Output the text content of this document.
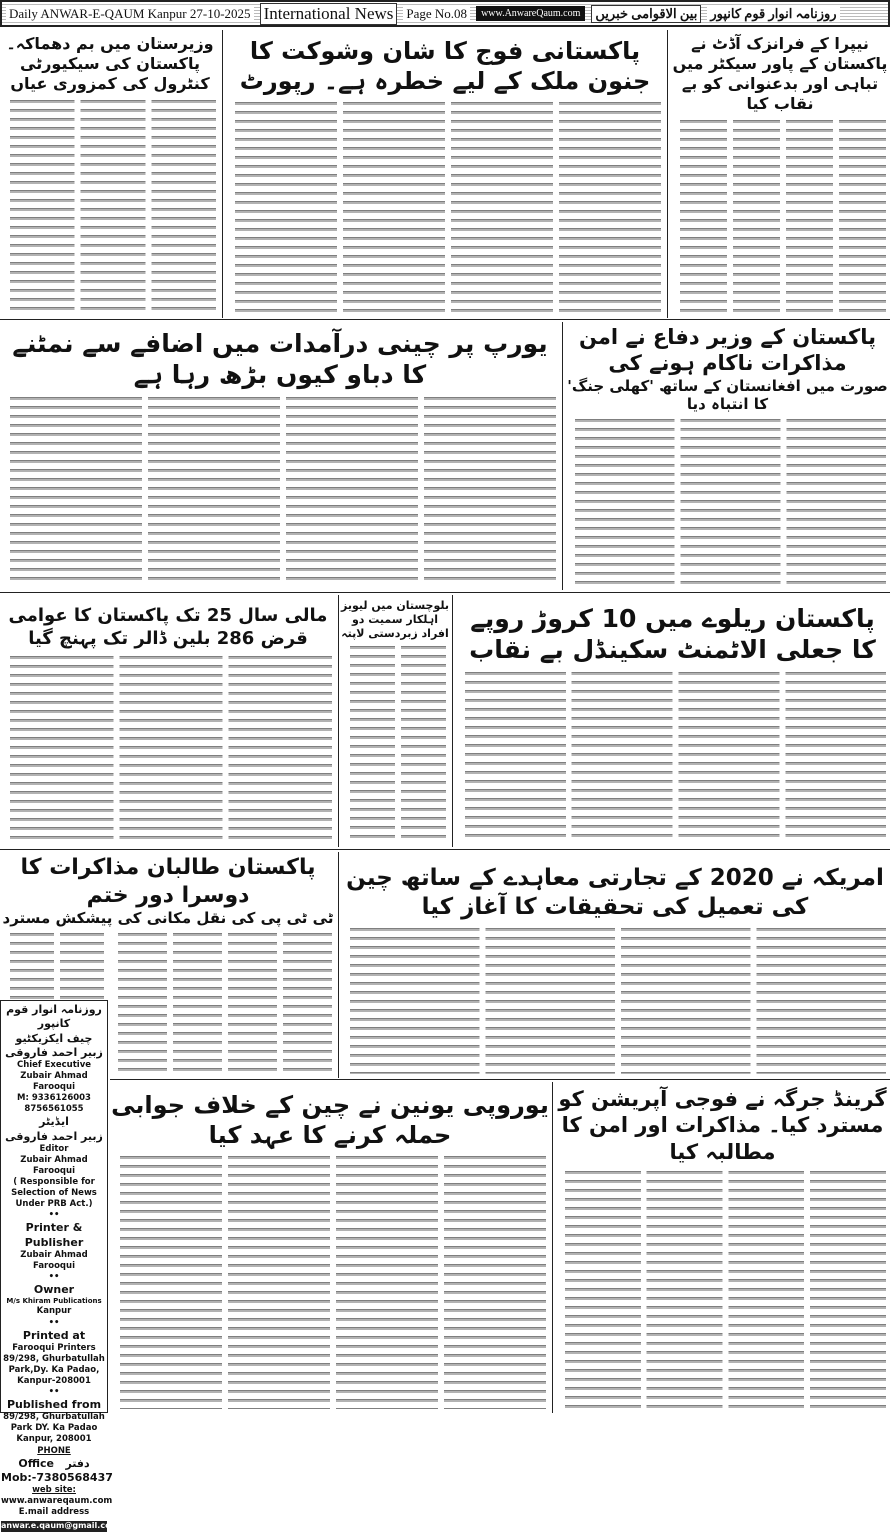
Daily ANWAR-E-QAUM Kanpur 27-10-2025 International News	Page No.08	www.AnwareQaum.com	بین الاقوامی خبریں	روزنامہ انوار قوم کانپور
نیپرا کے فرانزک آڈٹ نے پاکستان کے پاور سیکٹر میں تباہی اور بدعنوانی کو بے نقاب کیا
پاکستانی فوج کا شان وشوکت کا جنون ملک کے لیے خطرہ ہے۔ رپورٹ
وزیرستان میں بم دھماکہ۔ پاکستان کی سیکیورٹی کنٹرول کی کمزوری عیاں
پاکستان کے وزیر دفاع نے امن مذاکرات ناکام ہونے کی
صورت میں افغانستان کے ساتھ 'کھلی جنگ' کا انتباہ دیا
یورپ پر چینی درآمدات میں اضافے سے نمٹنے کا دباو کیوں بڑھ رہا ہے
پاکستان ریلوے میں 10 کروڑ روپے کا جعلی الاٹمنٹ سکینڈل بے نقاب
بلوچستان میں لیویز اہلکار سمیت دو افراد زبردستی لاپتہ
مالی سال 25 تک پاکستان کا عوامی قرض 286 بلین ڈالر تک پہنچ گیا
امریکہ نے 2020 کے تجارتی معاہدے کے ساتھ چین کی تعمیل کی تحقیقات کا آغاز کیا
پاکستان طالبان مذاکرات کا دوسرا دور ختم
ٹی ٹی پی کی نقل مکانی کی پیشکش مسترد
گرینڈ جرگہ نے فوجی آپریشن کو مسترد کیا۔ مذاکرات اور امن کا مطالبہ کیا
یوروپی یونین نے چین کے خلاف جوابی حملہ کرنے کا عہد کیا
روزنامہ انوار قوم کانپور
چیف ایکزیکٹیو
زبیر احمد فاروقی
Chief Executive
Zubair Ahmad Farooqui
M: 9336126003
8756561055
ایڈیٹر
زبیر احمد فاروقی
Editor
Zubair Ahmad Farooqui
( Responsible for Selection of News Under PRB Act.)
••
Printer & Publisher
Zubair Ahmad Farooqui
••
Owner
M/s Khiram Publications
Kanpur
••
Printed at
Farooqui Printers 89/298, Ghurbatullah Park,Dy. Ka Padao, Kanpur-208001
••
Published from
89/298, Ghurbatullah Park DY. Ka Padao Kanpur, 208001
PHONE
Office دفتر
Mob:-7380568437
web site:
www.anwareqaum.com
E.mail address
anwar.e.qaum@gmail.com
